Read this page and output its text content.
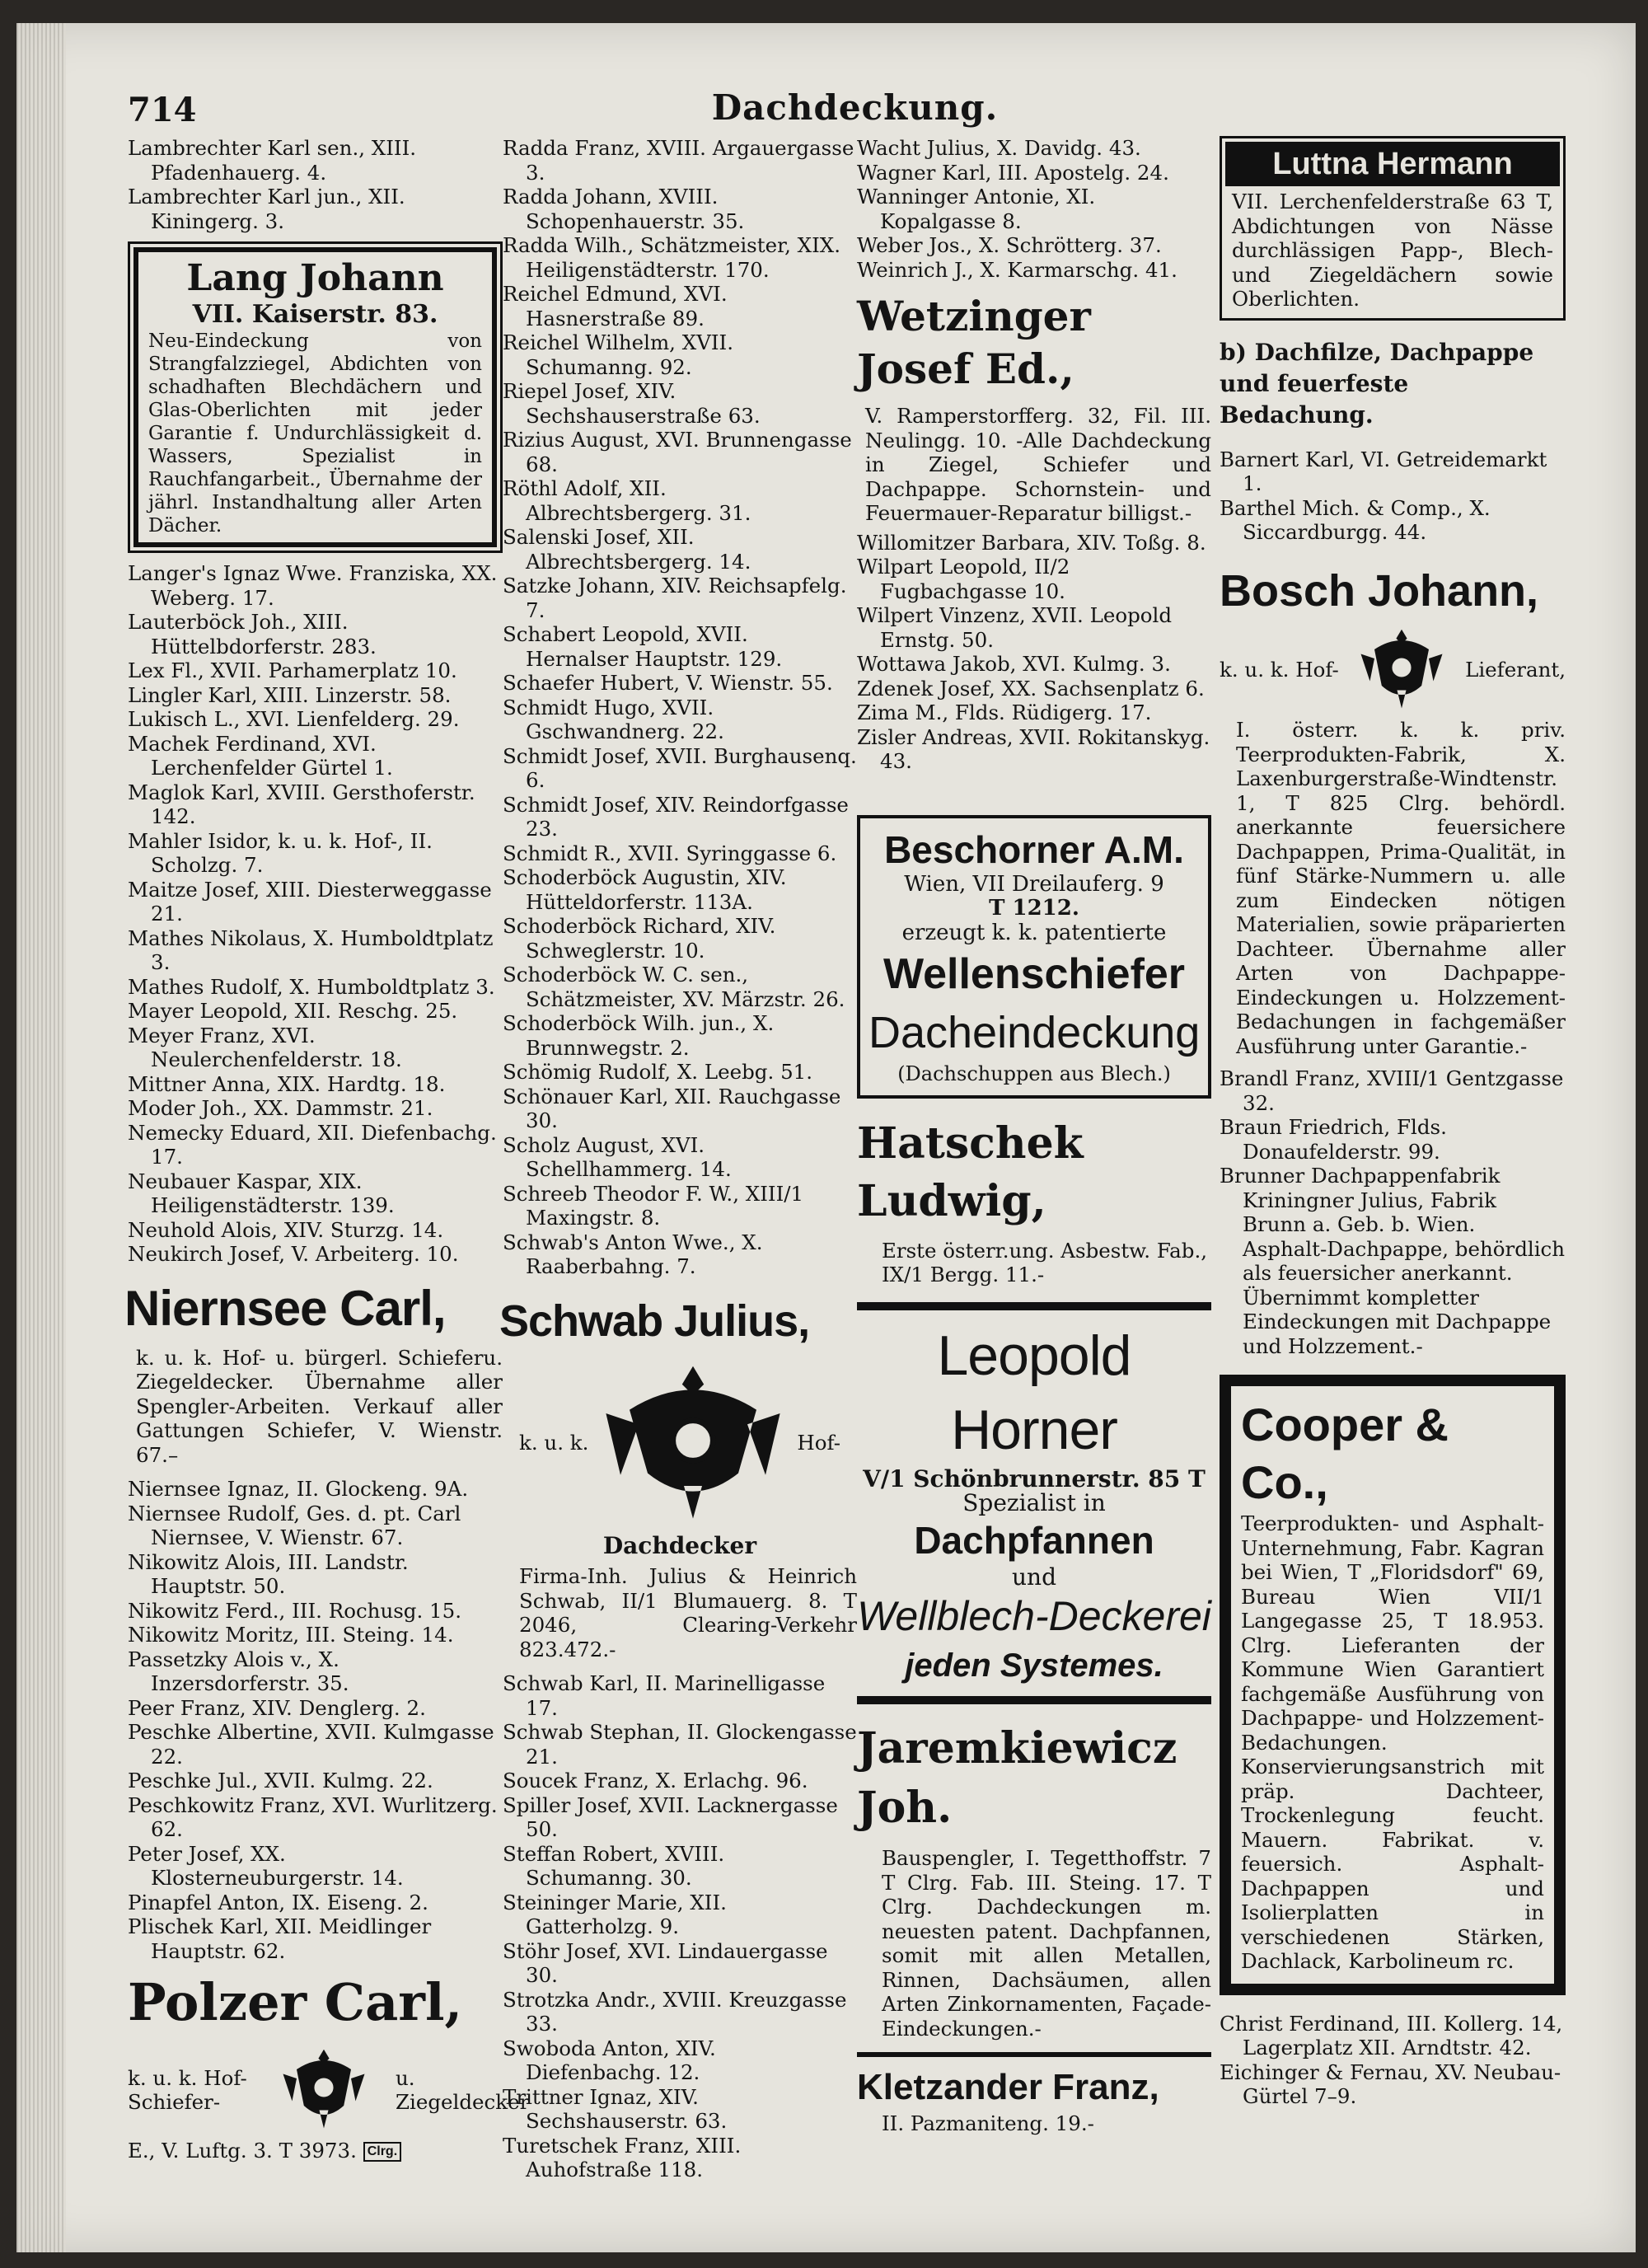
714	Dachdeckung.

Lambrechter Karl sen., XIII. Pfadenhauerg. 4.

Lambrechter Karl jun., XII. Kiningerg. 3.

Lang Johann
VII. Kaiserstr. 83.
Neu-Eindeckung von Strangfalzziegel, Abdichten von schadhaften Blechdächern und Glas-Oberlichten mit jeder Garantie f. Undurchlässigkeit d. Wassers, Spezialist in Rauchfangarbeit., Übernahme der jährl. Instandhaltung aller Arten Dächer.

Langer's Ignaz Wwe. Franziska, XX. Weberg. 17.

Lauterböck Joh., XIII. Hüttelbdorferstr. 283.

Lex Fl., XVII. Parhamerplatz 10.

Lingler Karl, XIII. Linzerstr. 58.

Lukisch L., XVI. Lienfelderg. 29.

Machek Ferdinand, XVI. Lerchenfelder Gürtel 1.

Maglok Karl, XVIII. Gersthoferstr. 142.

Mahler Isidor, k. u. k. Hof-, II. Scholzg. 7.

Maitze Josef, XIII. Diesterweggasse 21.

Mathes Nikolaus, X. Humboldtplatz 3.

Mathes Rudolf, X. Humboldtplatz 3.

Mayer Leopold, XII. Reschg. 25.

Meyer Franz, XVI. Neulerchenfelderstr. 18.

Mittner Anna, XIX. Hardtg. 18.

Moder Joh., XX. Dammstr. 21.

Nemecky Eduard, XII. Diefenbachg. 17.

Neubauer Kaspar, XIX. Heiligenstädterstr. 139.

Neuhold Alois, XIV. Sturzg. 14.

Neukirch Josef, V. Arbeiterg. 10.

Niernsee Carl,
k. u. k. Hof- u. bürgerl. Schieferu. Ziegeldecker. Übernahme aller Spengler-Arbeiten. Verkauf aller Gattungen Schiefer, V. Wienstr. 67.–

Niernsee Ignaz, II. Glockeng. 9A.

Niernsee Rudolf, Ges. d. pt. Carl Niernsee, V. Wienstr. 67.

Nikowitz Alois, III. Landstr. Hauptstr. 50.

Nikowitz Ferd., III. Rochusg. 15.

Nikowitz Moritz, III. Steing. 14.

Passetzky Alois v., X. Inzersdorferstr. 35.

Peer Franz, XIV. Denglerg. 2.

Peschke Albertine, XVII. Kulmgasse 22.

Peschke Jul., XVII. Kulmg. 22.

Peschkowitz Franz, XVI. Wurlitzerg. 62.

Peter Josef, XX. Klosterneuburgerstr. 14.

Pinapfel Anton, IX. Eiseng. 2.

Plischek Karl, XII. Meidlinger Hauptstr. 62.

Polzer Carl,
k. u. k. Hof-Schiefer-
u. Ziegeldecker
E., V. Luftg. 3. T 3973. Clrg.

Radda Franz, XVIII. Argauergasse 3.

Radda Johann, XVIII. Schopenhauerstr. 35.

Radda Wilh., Schätzmeister, XIX. Heiligenstädterstr. 170.

Reichel Edmund, XVI. Hasnerstraße 89.

Reichel Wilhelm, XVII. Schumanng. 92.

Riepel Josef, XIV. Sechshauserstraße 63.

Rizius August, XVI. Brunnengasse 68.

Röthl Adolf, XII. Albrechtsbergerg. 31.

Salenski Josef, XII. Albrechtsbergerg. 14.

Satzke Johann, XIV. Reichsapfelg. 7.

Schabert Leopold, XVII. Hernalser Hauptstr. 129.

Schaefer Hubert, V. Wienstr. 55.

Schmidt Hugo, XVII. Gschwandnerg. 22.

Schmidt Josef, XVII. Burghausenq. 6.

Schmidt Josef, XIV. Reindorfgasse 23.

Schmidt R., XVII. Syringgasse 6.

Schoderböck Augustin, XIV. Hütteldorferstr. 113A.

Schoderböck Richard, XIV. Schweglerstr. 10.

Schoderböck W. C. sen., Schätzmeister, XV. Märzstr. 26.

Schoderböck Wilh. jun., X. Brunnwegstr. 2.

Schömig Rudolf, X. Leebg. 51.

Schönauer Karl, XII. Rauchgasse 30.

Scholz August, XVI. Schellhammerg. 14.

Schreeb Theodor F. W., XIII/1 Maxingstr. 8.

Schwab's Anton Wwe., X. Raaberbahng. 7.

Schwab Julius,
k. u. k.	Hof-
Dachdecker
Firma-Inh. Julius & Heinrich Schwab, II/1 Blumauerg. 8. T 2046, Clearing-Verkehr 823.472.-

Schwab Karl, II. Marinelligasse 17.

Schwab Stephan, II. Glockengasse 21.

Soucek Franz, X. Erlachg. 96.

Spiller Josef, XVII. Lacknergasse 50.

Steffan Robert, XVIII. Schumanng. 30.

Steininger Marie, XII. Gatterholzg. 9.

Stöhr Josef, XVI. Lindauergasse 30.

Strotzka Andr., XVIII. Kreuzgasse 33.

Swoboda Anton, XIV. Diefenbachg. 12.

Trittner Ignaz, XIV. Sechshauserstr. 63.

Turetschek Franz, XIII. Auhofstraße 118.

Wacht Julius, X. Davidg. 43.

Wagner Karl, III. Apostelg. 24.

Wanninger Antonie, XI. Kopalgasse 8.

Weber Jos., X. Schrötterg. 37.

Weinrich J., X. Karmarschg. 41.

Wetzinger Josef Ed.,
V. Ramperstorfferg. 32, Fil. III. Neulingg. 10. -Alle Dachdeckung in Ziegel, Schiefer und Dachpappe. Schornstein- und Feuermauer-Reparatur billigst.-

Willomitzer Barbara, XIV. Toßg. 8.

Wilpart Leopold, II/2 Fugbachgasse 10.

Wilpert Vinzenz, XVII. Leopold Ernstg. 50.

Wottawa Jakob, XVI. Kulmg. 3.

Zdenek Josef, XX. Sachsenplatz 6.

Zima M., Flds. Rüdigerg. 17.

Zisler Andreas, XVII. Rokitanskyg. 43.

Beschorner A.M.
Wien, VII Dreilauferg. 9
T 1212.
erzeugt k. k. patentierte
Wellenschiefer
Dacheindeckung
(Dachschuppen aus Blech.)
Hatschek Ludwig,
Erste österr.ung. Asbestw. Fab., IX/1 Bergg. 11.-
Leopold Horner
V/1 Schönbrunnerstr. 85 T
Spezialist in
Dachpfannen
und
Wellblech-Deckerei
jeden Systemes.
Jaremkiewicz Joh.
Bauspengler, I. Tegetthoffstr. 7 T Clrg. Fab. III. Steing. 17. T Clrg. Dachdeckungen m. neuesten patent. Dachpfannen, somit mit allen Metallen, Rinnen, Dachsäumen, allen Arten Zinkornamenten, Façade-Eindeckungen.-
Kletzander Franz,
II. Pazmaniteng. 19.-
Luttna Hermann
VII. Lerchenfelderstraße 63 T, Abdichtungen von Nässe durchlässigen Papp-, Blech- und Ziegeldächern sowie Oberlichten.
b) Dachfilze, Dachpappe und feuerfeste Bedachung.

Barnert Karl, VI. Getreidemarkt 1.

Barthel Mich. & Comp., X. Siccardburgg. 44.

Bosch Johann,
k. u. k. Hof-	Lieferant,
I. österr. k. k. priv. Teerprodukten-Fabrik, X. Laxenburgerstraße-Windtenstr. 1, T 825 Clrg. behördl. anerkannte feuersichere Dachpappen, Prima-Qualität, in fünf Stärke-Nummern u. alle zum Eindecken nötigen Materialien, sowie präparierten Dachteer. Übernahme aller Arten von Dachpappe-Eindeckungen u. Holzzement-Bedachungen in fachgemäßer Ausführung unter Garantie.-

Brandl Franz, XVIII/1 Gentzgasse 32.

Braun Friedrich, Flds. Donaufelderstr. 99.

Brunner Dachpappenfabrik Kriningner Julius, Fabrik Brunn a. Geb. b. Wien. Asphalt-Dachpappe, behördlich als feuersicher anerkannt. Übernimmt kompletter Eindeckungen mit Dachpappe und Holzzement.-

Cooper & Co.,
Teerprodukten- und Asphalt-Unternehmung, Fabr. Kagran bei Wien, T „Floridsdorf" 69, Bureau Wien VII/1 Langegasse 25, T 18.953. Clrg. Lieferanten der Kommune Wien Garantiert fachgemäße Ausführung von Dachpappe- und Holzzement-Bedachungen. Konservierungsanstrich mit präp. Dachteer, Trockenlegung feucht. Mauern. Fabrikat. v. feuersich. Asphalt-Dachpappen und Isolierplatten in verschiedenen Stärken, Dachlack, Karbolineum rc.

Christ Ferdinand, III. Kollerg. 14, Lagerplatz XII. Arndtstr. 42.

Eichinger & Fernau, XV. Neubau-Gürtel 7–9.
